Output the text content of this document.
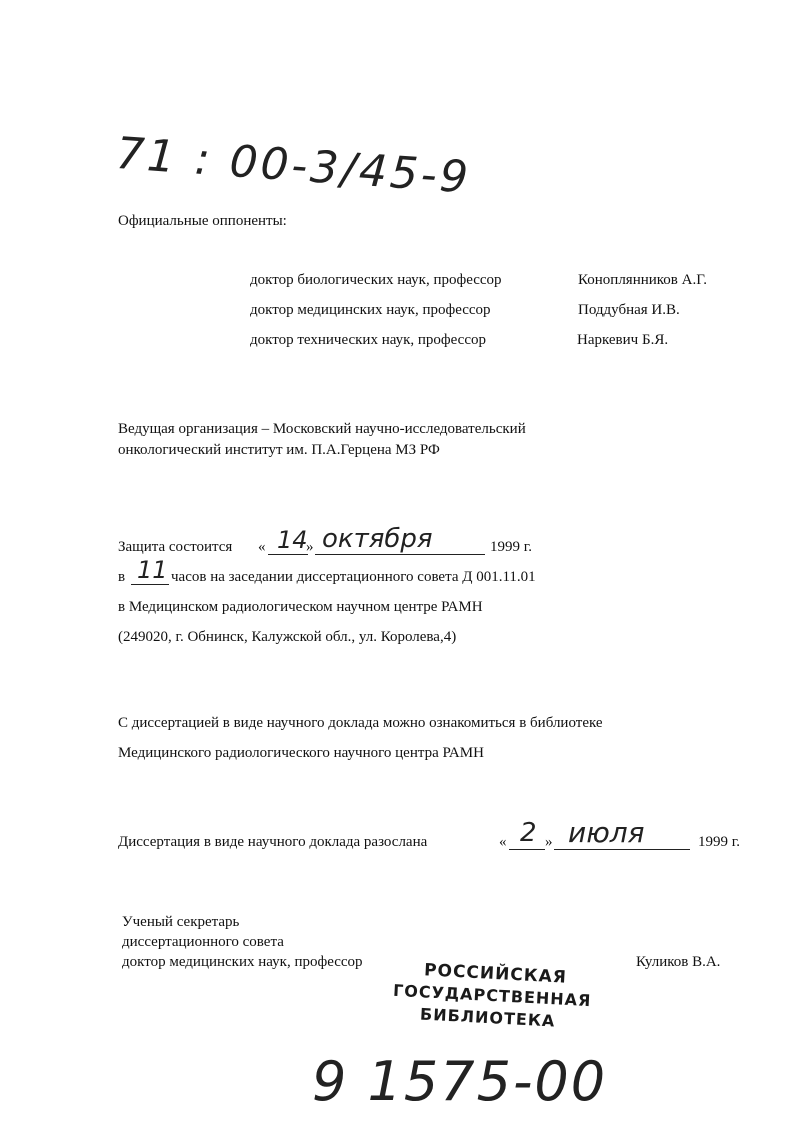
71 : 00-3/45-9
Официальные оппоненты:
доктор биологических наук, профессор	Коноплянников А.Г.
доктор медицинских наук, профессор	Поддубная И.В.
доктор технических наук, профессор	Наркевич Б.Я.
Ведущая организация – Московский научно-исследовательский
онкологический институт им. П.А.Герцена МЗ РФ
Защита состоится « 14
» октября	1999 г.
в 11 часов на заседании диссертационного совета Д 001.11.01
в Медицинском радиологическом научном центре РАМН
(249020, г. Обнинск, Калужской обл., ул. Королева,4)
С диссертацией в виде научного доклада можно ознакомиться в библиотеке
Медицинского радиологического научного центра РАМН
Диссертация в виде научного доклада разослана	« 2 » июля	1999 г.
Ученый секретарь
диссертационного совета
доктор медицинских наук, профессор	Куликов В.А.
РОССИЙСКАЯ
ГОСУДАРСТВЕННАЯ
БИБЛИОТЕКА
9 1575-00
